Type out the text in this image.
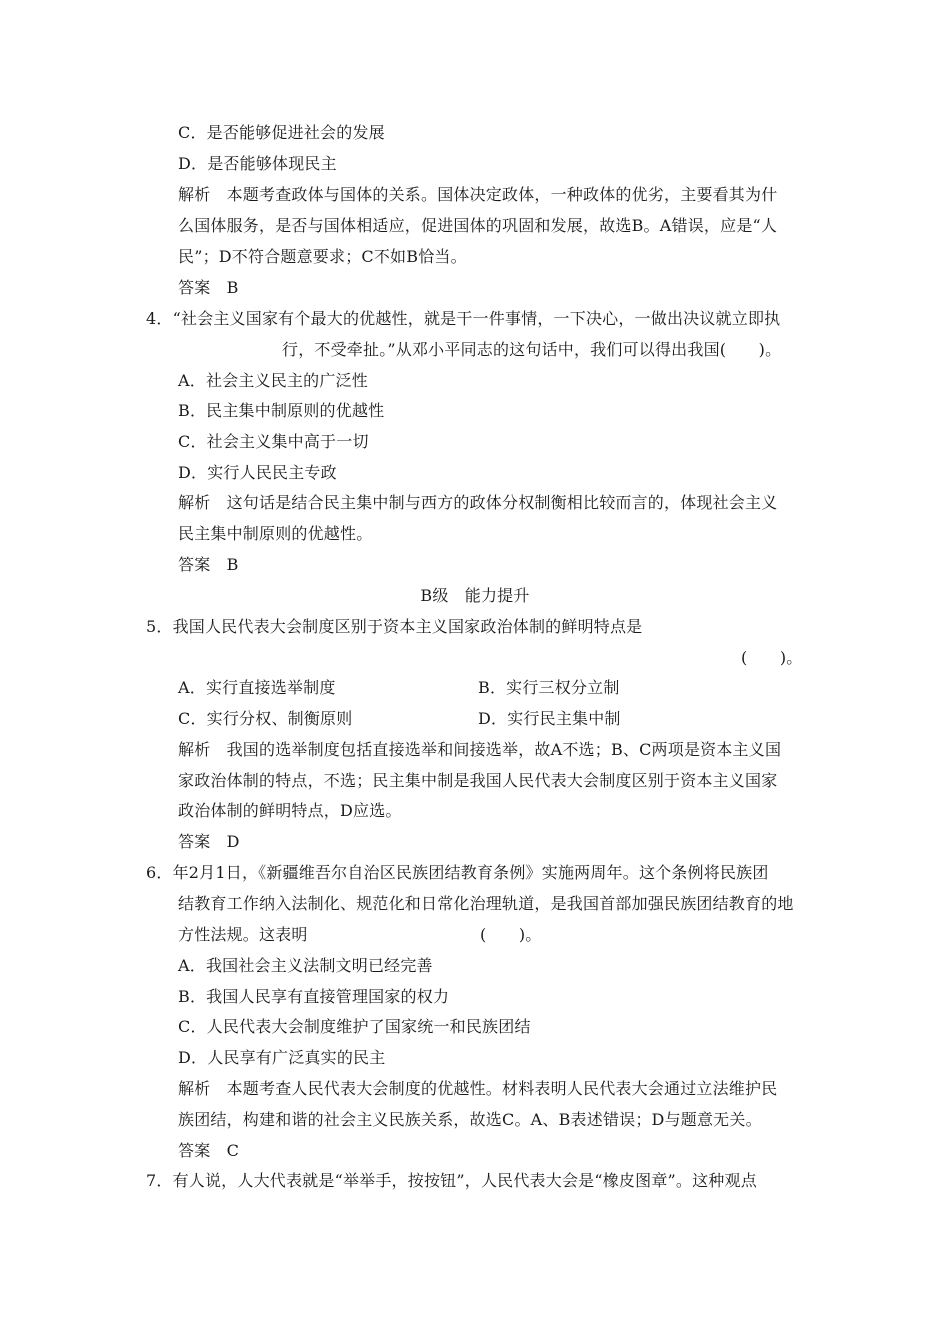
C．是否能够促进社会的发展
D．是否能够体现民主
解析　本题考查政体与国体的关系。国体决定政体，一种政体的优劣，主要看其为什
么国体服务，是否与国体相适应，促进国体的巩固和发展，故选B。A错误，应是“人
民”；D不符合题意要求；C不如B恰当。
答案　B
4．“社会主义国家有个最大的优越性，就是干一件事情，一下决心，一做出决议就立即执
行，不受牵扯。”从邓小平同志的这句话中，我们可以得出我国(　　)。
A．社会主义民主的广泛性
B．民主集中制原则的优越性
C．社会主义集中高于一切
D．实行人民民主专政
解析　这句话是结合民主集中制与西方的政体分权制衡相比较而言的，体现社会主义
民主集中制原则的优越性。
答案　B
B级　能力提升
5．我国人民代表大会制度区别于资本主义国家政治体制的鲜明特点是
(　　)。
A．实行直接选举制度	B．实行三权分立制
C．实行分权、制衡原则	D．实行民主集中制
解析　我国的选举制度包括直接选举和间接选举，故A不选；B、C两项是资本主义国
家政治体制的特点，不选；民主集中制是我国人民代表大会制度区别于资本主义国家
政治体制的鲜明特点，D应选。
答案　D
6．年2月1日，《新疆维吾尔自治区民族团结教育条例》实施两周年。这个条例将民族团
结教育工作纳入法制化、规范化和日常化治理轨道，是我国首部加强民族团结教育的地
方性法规。这表明	(　　)。
A．我国社会主义法制文明已经完善
B．我国人民享有直接管理国家的权力
C．人民代表大会制度维护了国家统一和民族团结
D．人民享有广泛真实的民主
解析　本题考查人民代表大会制度的优越性。材料表明人民代表大会通过立法维护民
族团结，构建和谐的社会主义民族关系，故选C。A、B表述错误；D与题意无关。
答案　C
7．有人说，人大代表就是“举举手，按按钮”，人民代表大会是“橡皮图章”。这种观点
